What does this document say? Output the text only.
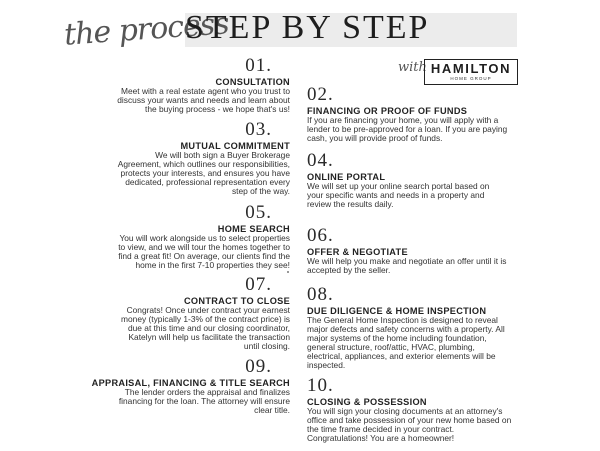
the process
STEP BY STEP
with HAMILTON
HOME GROUP
01.
CONSULTATION
Meet with a real estate agent who you trust to
discuss your wants and needs and learn about
the buying process - we hope that's us!
02.
FINANCING OR PROOF OF FUNDS
If you are financing your home, you will apply with a
lender to be pre-approved for a loan. If you are paying
cash, you will provide proof of funds.
03.
MUTUAL COMMITMENT
We will both sign a Buyer Brokerage
Agreement, which outlines our responsibilities,
protects your interests, and ensures you have
dedicated, professional representation every
step of the way.
04.
ONLINE PORTAL
We will set up your online search portal based on
your specific wants and needs in a property and
review the results daily.
05.
HOME SEARCH
You will work alongside us to select properties
to view, and we will tour the homes together to
find a great fit! On average, our clients find the
home in the first 7-10 properties they see!
06.
OFFER & NEGOTIATE
We will help you make and negotiate an offer until it is
accepted by the seller.
07.
CONTRACT TO CLOSE
Congrats! Once under contract your earnest
money (typically 1-3% of the contract price) is
due at this time and our closing coordinator,
Katelyn will help us facilitate the transaction
until closing.
08.
DUE DILIGENCE & HOME INSPECTION
The General Home Inspection is designed to reveal
major defects and safety concerns with a property. All
major systems of the home including foundation,
general structure, roof/attic, HVAC, plumbing,
electrical, appliances, and exterior elements will be
inspected.
09.
APPRAISAL, FINANCING & TITLE SEARCH
The lender orders the appraisal and finalizes
financing for the loan. The attorney will ensure
clear title.
10.
CLOSING & POSSESSION
You will sign your closing documents at an attorney's
office and take possession of your new home based on
the time frame decided in your contract.
Congratulations! You are a homeowner!
